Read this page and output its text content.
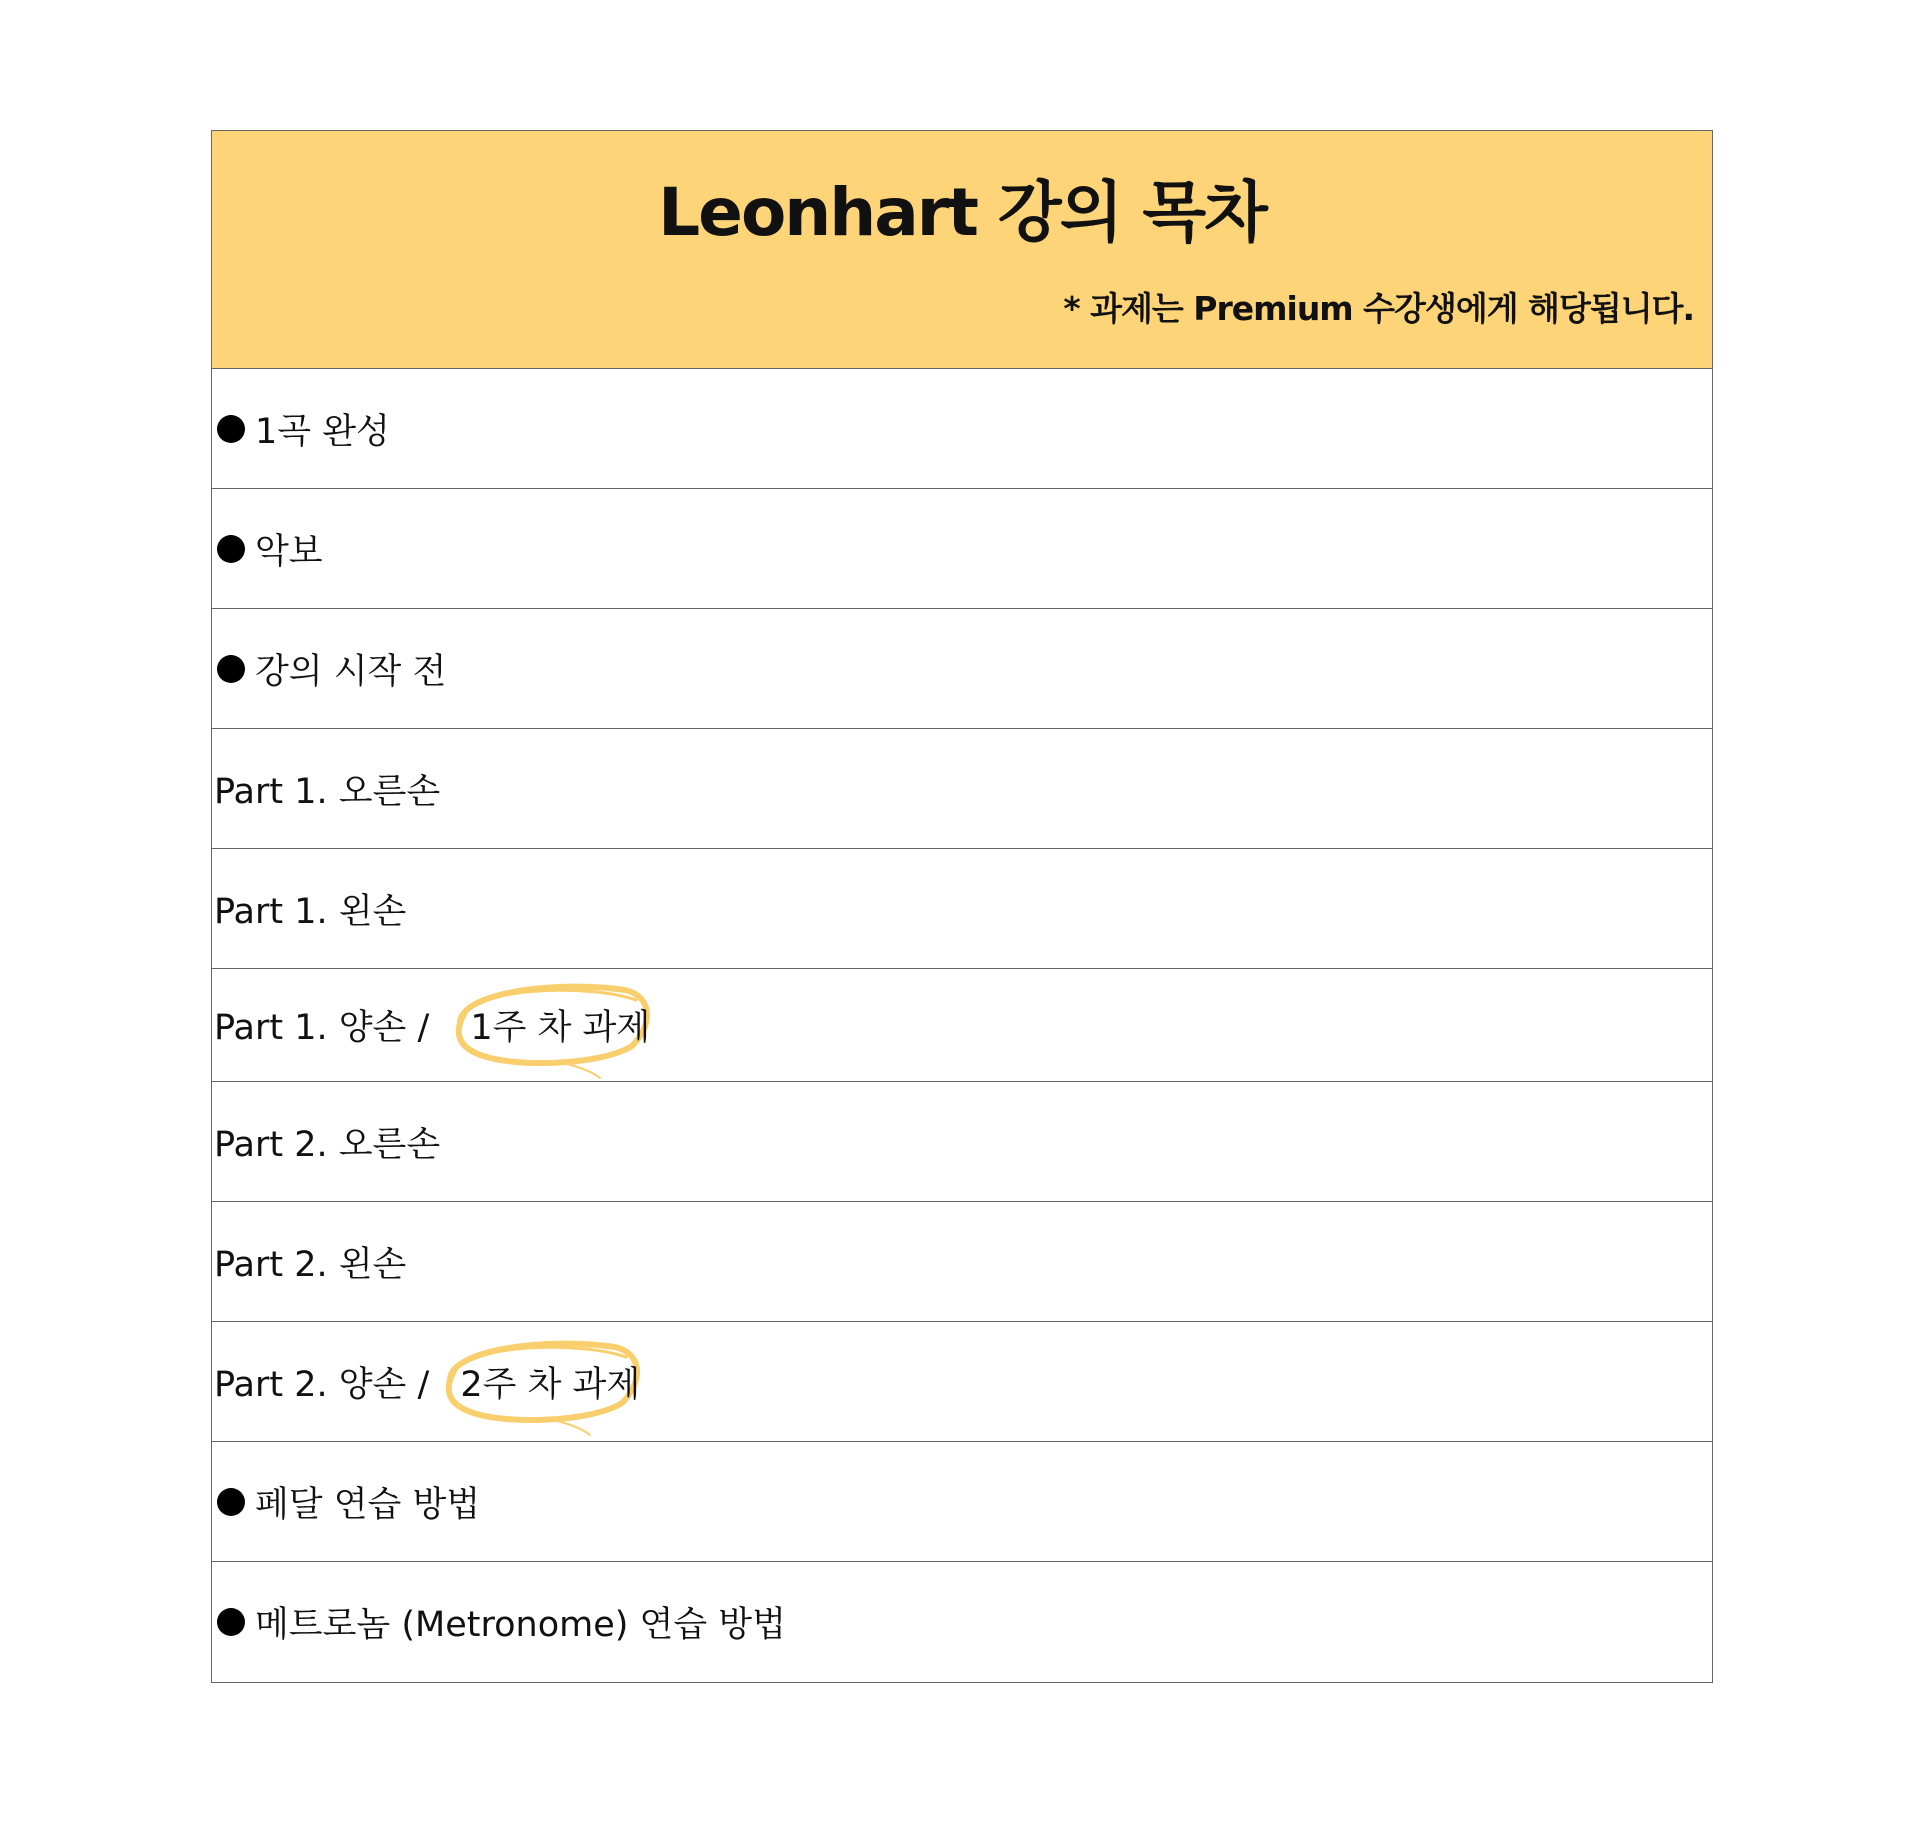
Leonhart 강의 목차
* 과제는 Premium 수강생에게 해당됩니다.
1곡 완성
악보
강의 시작 전
Part 1. 오른손
Part 1. 왼손
Part 1. 양손 / 1주 차 과제
Part 2. 오른손
Part 2. 왼손
Part 2. 양손 / 2주 차 과제
페달 연습 방법
메트로놈 (Metronome) 연습 방법
